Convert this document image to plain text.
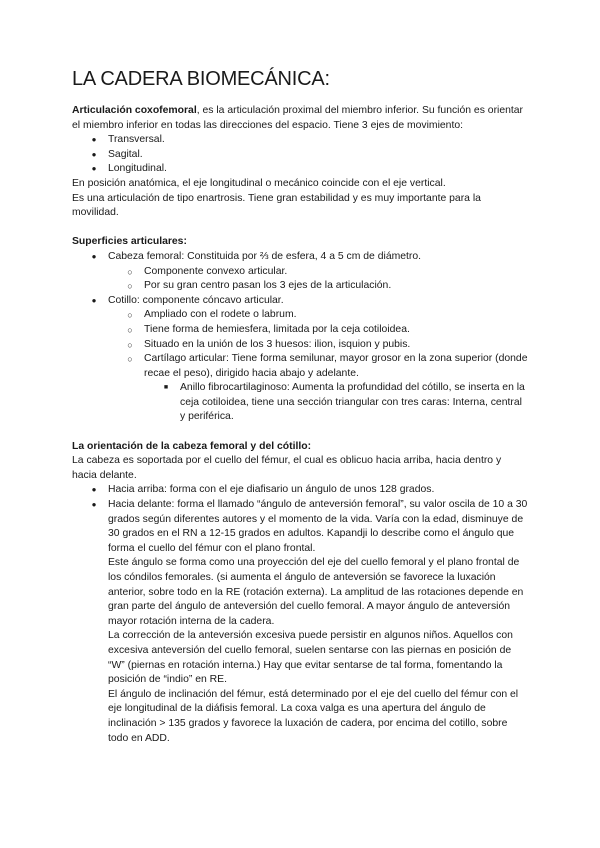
LA CADERA BIOMECÁNICA:

Articulación coxofemoral, es la articulación proximal del miembro inferior. Su función es orientar el miembro inferior en todas las direcciones del espacio. Tiene 3 ejes de movimiento:

● Transversal.
● Sagital.
● Longitudinal.

En posición anatómica, el eje longitudinal o mecánico coincide con el eje vertical.

Es una articulación de tipo enartrosis. Tiene gran estabilidad y es muy importante para la movilidad.

Superficies articulares:

● Cabeza femoral: Constituida por ⅔ de esfera, 4 a 5 cm de diámetro.
○ Componente convexo articular.
○ Por su gran centro pasan los 3 ejes de la articulación.
● Cotillo: componente cóncavo articular.
○ Ampliado con el rodete o labrum.
○ Tiene forma de hemiesfera, limitada por la ceja cotiloidea.
○ Situado en la unión de los 3 huesos: ilion, isquion y pubis.
○ Cartílago articular: Tiene forma semilunar, mayor grosor en la zona superior (donde recae el peso), dirigido hacia abajo y adelante.
■ Anillo fibrocartilaginoso: Aumenta la profundidad del cótillo, se inserta en la ceja cotiloidea, tiene una sección triangular con tres caras: Interna, central y periférica.

La orientación de la cabeza femoral y del cótillo:

La cabeza es soportada por el cuello del fémur, el cual es oblicuo hacia arriba, hacia dentro y hacia delante.

● Hacia arriba: forma con el eje diafisario un ángulo de unos 128 grados.
● Hacia delante: forma el llamado “ángulo de anteversión femoral”, su valor oscila de 10 a 30 grados según diferentes autores y el momento de la vida. Varía con la edad, disminuye de 30 grados en el RN a 12-15 grados en adultos. Kapandji lo describe como el ángulo que forma el cuello del fémur con el plano frontal.
Este ángulo se forma como una proyección del eje del cuello femoral y el plano frontal de los cóndilos femorales. (si aumenta el ángulo de anteversión se favorece la luxación anterior, sobre todo en la RE (rotación externa). La amplitud de las rotaciones depende en gran parte del ángulo de anteversión del cuello femoral. A mayor ángulo de anteversión mayor rotación interna de la cadera.
La corrección de la anteversión excesiva puede persistir en algunos niños. Aquellos con excesiva anteversión del cuello femoral, suelen sentarse con las piernas en posición de “W” (piernas en rotación interna.) Hay que evitar sentarse de tal forma, fomentando la posición de “indio” en RE.
El ángulo de inclinación del fémur, está determinado por el eje del cuello del fémur con el eje longitudinal de la diáfisis femoral. La coxa valga es una apertura del ángulo de inclinación > 135 grados y favorece la luxación de cadera, por encima del cotillo, sobre todo en ADD.
